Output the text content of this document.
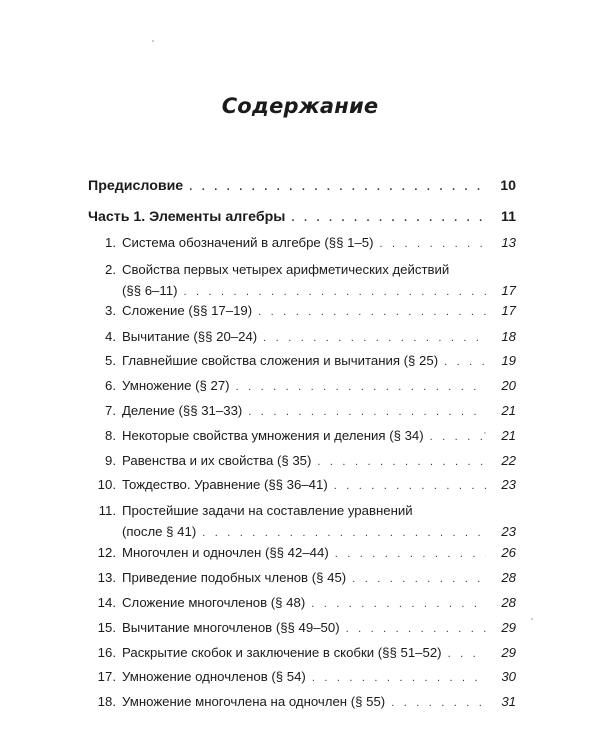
Содержание
Предисловие . . .	10
Часть 1. Элементы алгебры . . .	11
1. Система обозначений в алгебре (§§ 1–5) . . .	13
2. Свойства первых четырех арифметических действий
(§§ 6–11) . . .	17
3. Сложение (§§ 17–19) . . .	17
4. Вычитание (§§ 20–24) . . .	18
5. Главнейшие свойства сложения и вычитания (§ 25) . . .	19
6. Умножение (§ 27) . . .	20
7. Деление (§§ 31–33) . . .	21
8. Некоторые свойства умножения и деления (§ 34) . . .	21
9. Равенства и их свойства (§ 35) . . .	22
10. Тождество. Уравнение (§§ 36–41) . . .	23
11. Простейшие задачи на составление уравнений
(после § 41) . . .	23
12. Многочлен и одночлен (§§ 42–44) . . .	26
13. Приведение подобных членов (§ 45) . . .	28
14. Сложение многочленов (§ 48) . . .	28
15. Вычитание многочленов (§§ 49–50) . . .	29
16. Раскрытие скобок и заключение в скобки (§§ 51–52) . . .	29
17. Умножение одночленов (§ 54) . . .	30
18. Умножение многочлена на одночлен (§ 55) . . .	31
